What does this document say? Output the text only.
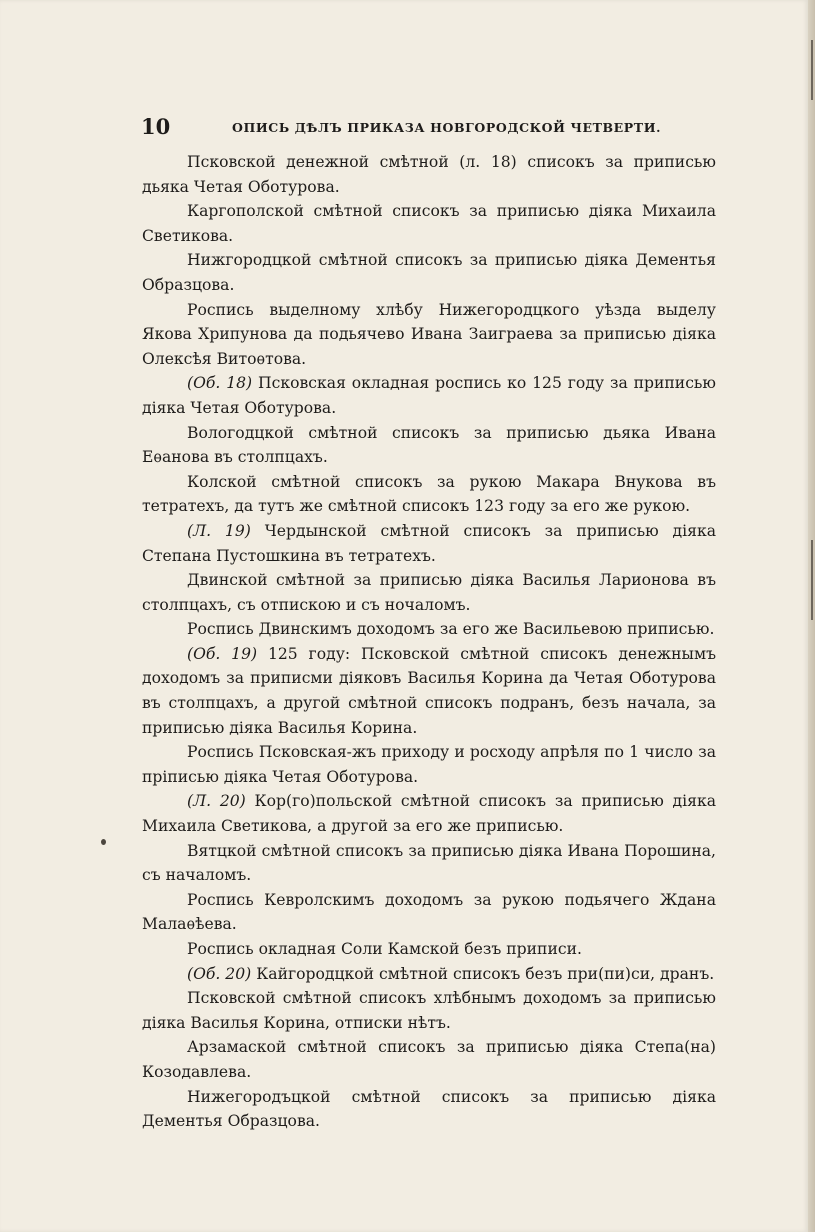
10	ОПИСЬ ДѢЛЪ ПРИКАЗА НОВГОРОДСКОЙ ЧЕТВЕРТИ.

Псковской денежной смѣтной (л. 18) списокъ за приписью дьяка Четая Оботурова.

Каргополской смѣтной списокъ за приписью дiяка Михаила Светикова.

Нижгородцкой смѣтной списокъ за приписью дiяка Дементья Образцова.

Роспись выделному хлѣбу Нижегородцкого уѣзда выделу Якова Хрипунова да подьячево Ивана Заиграева за приписью дiяка Олексѣя Витоѳтова.

(Об. 18) Псковская окладная роспись ко 125 году за приписью дiяка Четая Оботурова.

Вологодцкой смѣтной списокъ за приписью дьяка Ивана Еѳанова въ столпцахъ.

Колской смѣтной списокъ за рукою Макара Внукова въ тетратехъ, да тутъ же смѣтной списокъ 123 году за его же рукою.

(Л. 19) Чердынской смѣтной списокъ за приписью дiяка Степана Пустошкина въ тетратехъ.

Двинской смѣтной за приписью дiяка Василья Ларионова въ столпцахъ, съ отпискою и съ ночаломъ.

Роспись Двинскимъ доходомъ за его же Васильевою приписью.

(Об. 19) 125 году: Псковской смѣтной списокъ денежнымъ доходомъ за приписми дiяковъ Василья Корина да Четая Оботурова въ столпцахъ, а другой смѣтной списокъ подранъ, безъ начала, за приписью дiяка Василья Корина.

Роспись Псковская-жъ приходу и росходу апрѣля по 1 число за прiписью дiяка Четая Оботурова.

(Л. 20) Кор(го)польской смѣтной списокъ за приписью дiяка Михаила Светикова, а другой за его же приписью.

Вятцкой смѣтной списокъ за приписью дiяка Ивана Порошина, съ началомъ.

Роспись Кевролскимъ доходомъ за рукою подьячего Ждана Малаѳѣева.

Роспись окладная Соли Камской безъ приписи.

(Об. 20) Кайгородцкой смѣтной списокъ безъ при(пи)си, дранъ.

Псковской смѣтной списокъ хлѣбнымъ доходомъ за приписью дiяка Василья Корина, отписки нѣтъ.

Арзамаской смѣтной списокъ за приписью дiяка Степа(на) Козодавлева.

Нижегородъцкой смѣтной списокъ за приписью дiяка Дементья Образцова.
